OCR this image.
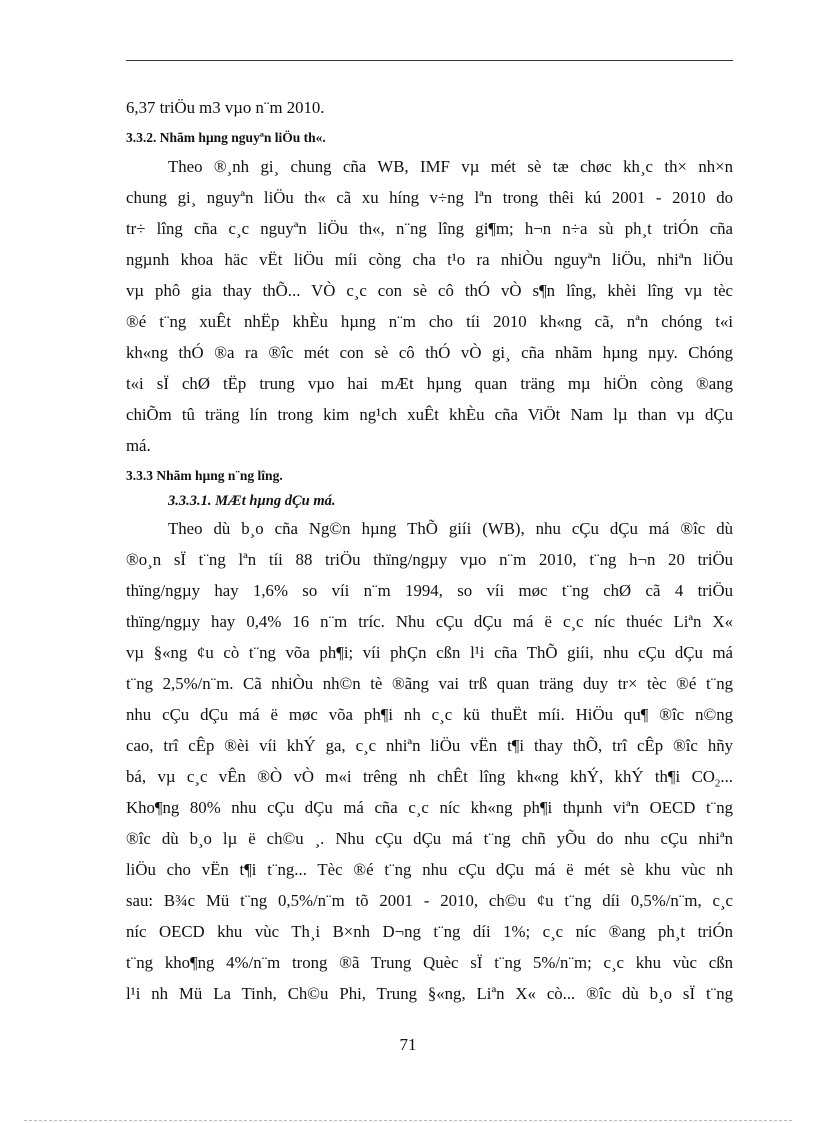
6,37 triÖu m3 vµo n¨m 2010.

3.3.2. Nhãm hµng nguyªn liÖu th«.

Theo ®¸nh gi¸ chung cña WB, IMF vµ mét sè tæ chøc kh¸c th× nh×n

chung gi¸ nguyªn liÖu th« cã xu híng v÷ng lªn trong thêi kú 2001 - 2010 do

tr÷ lîng cña c¸c nguyªn liÖu th«, n¨ng lîng gi¶m; h¬n n÷a sù ph¸t triÓn cña

ngµnh khoa häc vËt liÖu míi còng cha t¹o ra nhiÒu nguyªn liÖu, nhiªn liÖu

vµ phô gia thay thÕ... VÒ c¸c con sè cô thÓ vÒ s¶n lîng, khèi lîng vµ tèc

®é t¨ng xuÊt nhËp khÈu hµng n¨m cho tíi 2010 kh«ng cã, nªn chóng t«i

kh«ng thÓ ®a ra ®îc mét con sè cô thÓ vÒ gi¸ cña nhãm hµng nµy. Chóng

t«i sÏ chØ tËp trung vµo hai mÆt hµng quan träng mµ hiÖn còng ®ang

chiÕm tû träng lín trong kim ng¹ch xuÊt khÈu cña ViÖt Nam lµ than vµ dÇu

má.

3.3.3 Nhãm hµng n¨ng lîng.
3.3.3.1. MÆt hµng dÇu má.

Theo dù b¸o cña Ng©n hµng ThÕ giíi (WB), nhu cÇu dÇu má ®îc dù

®o¸n sÏ t¨ng lªn tíi 88 triÖu thïng/ngµy vµo n¨m 2010, t¨ng h¬n 20 triÖu

thïng/ngµy hay 1,6% so víi n¨m 1994, so víi møc t¨ng chØ cã 4 triÖu

thïng/ngµy hay 0,4% 16 n¨m tríc. Nhu cÇu dÇu má ë c¸c níc thuéc Liªn X«

vµ §«ng ¢u cò t¨ng võa ph¶i; víi phÇn cßn l¹i cña ThÕ giíi, nhu cÇu dÇu má

t¨ng 2,5%/n¨m. Cã nhiÒu nh©n tè ®ãng vai trß quan träng duy tr× tèc ®é t¨ng

nhu cÇu dÇu má ë møc võa ph¶i nh c¸c kü thuËt míi. HiÖu qu¶ ®îc n©ng

cao, trî cÊp ®èi víi khÝ ga, c¸c nhiªn liÖu vËn t¶i thay thÕ, trî cÊp ®îc hñy

bá, vµ c¸c vÊn ®Ò vÒ m«i trêng nh chÊt lîng kh«ng khÝ, khÝ th¶i $CO_2$...

Kho¶ng 80% nhu cÇu dÇu má cña c¸c níc kh«ng ph¶i thµnh viªn OECD t¨ng

®îc dù b¸o lµ ë ch©u ¸. Nhu cÇu dÇu má t¨ng chñ yÕu do nhu cÇu nhiªn

liÖu cho vËn t¶i t¨ng... Tèc ®é t¨ng nhu cÇu dÇu má ë mét sè khu vùc nh

sau: B¾c Mü t¨ng 0,5%/n¨m tõ 2001 - 2010, ch©u ¢u t¨ng díi 0,5%/n¨m, c¸c

níc OECD khu vùc Th¸i B×nh D¬ng t¨ng díi 1%; c¸c níc ®ang ph¸t triÓn

t¨ng kho¶ng 4%/n¨m trong ®ã Trung Quèc sÏ t¨ng 5%/n¨m; c¸c khu vùc cßn

l¹i nh Mü La Tinh, Ch©u Phi, Trung §«ng, Liªn X« cò... ®îc dù b¸o sÏ t¨ng

71
